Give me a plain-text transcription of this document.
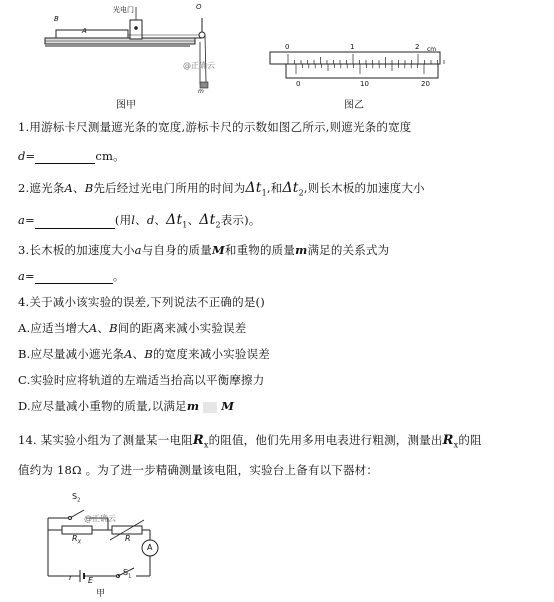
B
A
光电门	O
@正确云
m
图甲
0	1	2 cm
0	10	20
图乙
1.用游标卡尺测量遮光条的宽度,游标卡尺的示数如图乙所示,则遮光条的宽度
d=	cm。
2.遮光条A、B先后经过光电门所用的时间为$\Delta t_1$,和$\Delta t_2$,则长木板的加速度大小
a=	(用l、d、$\Delta t_1$、$\Delta t_2$表示)。
3.长木板的加速度大小a与自身的质量M和重物的质量m满足的关系式为
a=	。
4.关于减小该实验的误差,下列说法不正确的是()
A.应适当增大A、B间的距离来减小实验误差
B.应尽量减小遮光条A、B的宽度来减小实验误差
C.实验时应将轨道的左端适当抬高以平衡摩擦力
D.应尽量减小重物的质量,以满足m M
14. 某实验小组为了测量某一电阻$R_x$的阻值，他们先用多用电表进行粗测，测量出$R_x$的阻
值约为 18Ω 。为了进一步精确测量该电阻，实验台上备有以下器材：
$S_2$
@正确云
$R_X$	R
A
r E
$S_1$
甲
